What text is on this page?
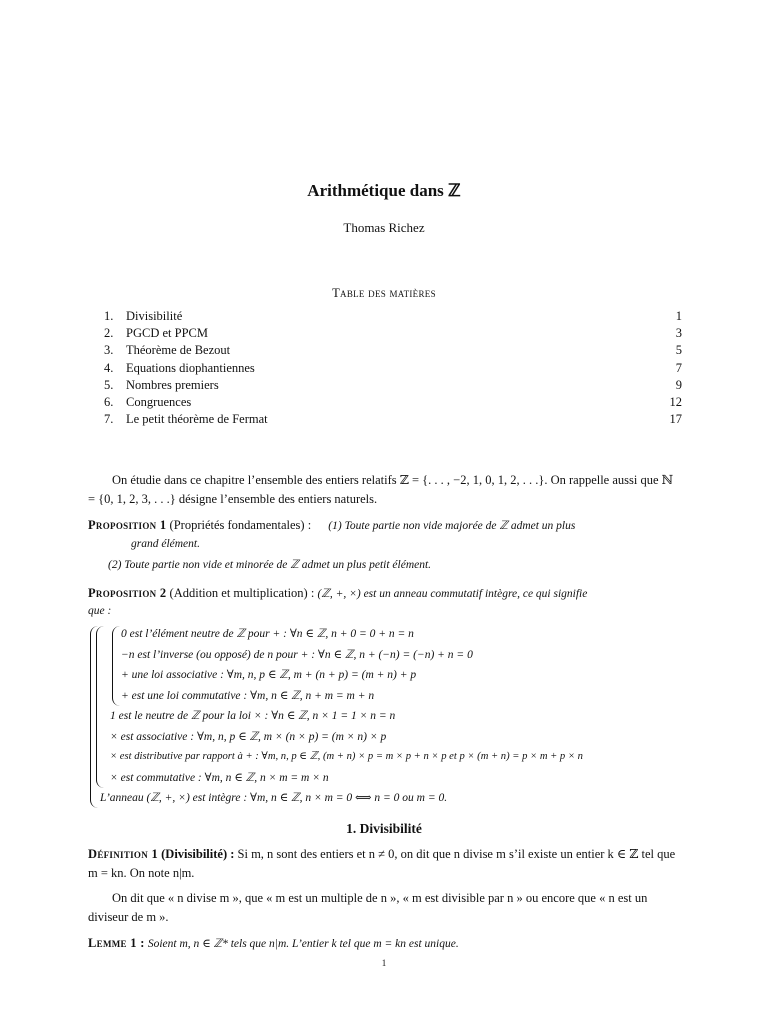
Arithmétique dans ℤ
Thomas Richez
Table des matières
1.	Divisibilité	1
2.	PGCD et PPCM	3
3.	Théorème de Bezout	5
4.	Equations diophantiennes	7
5.	Nombres premiers	9
6.	Congruences	12
7.	Le petit théorème de Fermat	17
On étudie dans ce chapitre l’ensemble des entiers relatifs ℤ = {. . . , −2, 1, 0, 1, 2, . . .}. On rappelle aussi que ℕ = {0, 1, 2, 3, . . .} désigne l’ensemble des entiers naturels.
Proposition 1 (Propriétés fondamentales) : (1) Toute partie non vide majorée de ℤ admet un plus
grand élément.
(2) Toute partie non vide et minorée de ℤ admet un plus petit élément.
Proposition 2 (Addition et multiplication) : (ℤ, +, ×) est un anneau commutatif intègre, ce qui signifie
que :
0 est l’élément neutre de ℤ pour + : ∀n ∈ ℤ, n + 0 = 0 + n = n
−n est l’inverse (ou opposé) de n pour + : ∀n ∈ ℤ, n + (−n) = (−n) + n = 0
+ une loi associative : ∀m, n, p ∈ ℤ, m + (n + p) = (m + n) + p
+ est une loi commutative : ∀m, n ∈ ℤ, n + m = m + n
1 est le neutre de ℤ pour la loi × : ∀n ∈ ℤ, n × 1 = 1 × n = n
× est associative : ∀m, n, p ∈ ℤ, m × (n × p) = (m × n) × p
× est distributive par rapport à + : ∀m, n, p ∈ ℤ, (m + n) × p = m × p + n × p et p × (m + n) = p × m + p × n
× est commutative : ∀m, n ∈ ℤ, n × m = m × n
L’anneau (ℤ, +, ×) est intègre : ∀m, n ∈ ℤ, n × m = 0 ⟺ n = 0 ou m = 0.
1. Divisibilité
Définition 1 (Divisibilité) : Si m, n sont des entiers et n ≠ 0, on dit que n divise m s’il existe un entier k ∈ ℤ tel que m = kn. On note n|m.
On dit que « n divise m », que « m est un multiple de n », « m est divisible par n » ou encore que « n est un diviseur de m ».
Lemme 1 : Soient m, n ∈ ℤ* tels que n|m. L’entier k tel que m = kn est unique.
1
